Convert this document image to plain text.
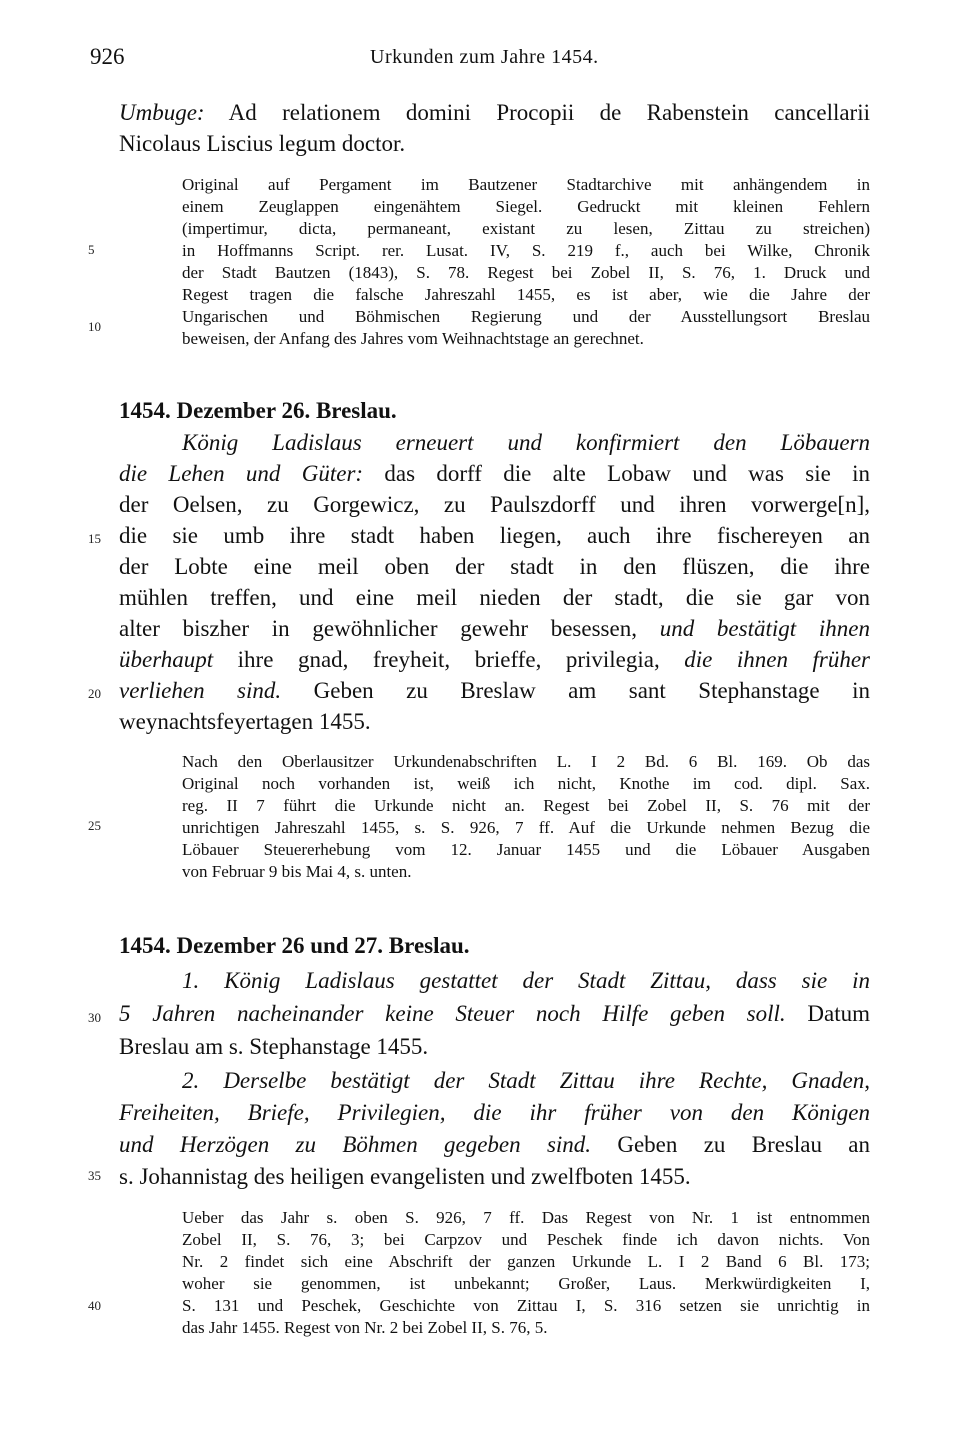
926	Urkunden zum Jahre 1454.
5
10
15
20
25
30
35
40
Umbuge: Ad relationem domini Procopii de Rabenstein cancellarii
Nicolaus Liscius legum doctor.
Original auf Pergament im Bautzener Stadtarchive mit anhängendem in
einem Zeuglappen eingenähtem Siegel. Gedruckt mit kleinen Fehlern
(impertimur, dicta, permaneant, existant zu lesen, Zittau zu streichen)
in Hoffmanns Script. rer. Lusat. IV, S. 219 f., auch bei Wilke, Chronik
der Stadt Bautzen (1843), S. 78. Regest bei Zobel II, S. 76, 1. Druck und
Regest tragen die falsche Jahreszahl 1455, es ist aber, wie die Jahre der
Ungarischen und Böhmischen Regierung und der Ausstellungsort Breslau
beweisen, der Anfang des Jahres vom Weihnachtstage an gerechnet.
1454. Dezember 26. Breslau.
König Ladislaus erneuert und konfirmiert den Löbauern
die Lehen und Güter: das dorff die alte Lobaw und was sie in
der Oelsen, zu Gorgewicz, zu Paulszdorff und ihren vorwerge[n],
die sie umb ihre stadt haben liegen, auch ihre fischereyen an
der Lobte eine meil oben der stadt in den flüszen, die ihre
mühlen treffen, und eine meil nieden der stadt, die sie gar von
alter biszher in gewöhnlicher gewehr besessen, und bestätigt ihnen
überhaupt ihre gnad, freyheit, brieffe, privilegia, die ihnen früher
verliehen sind. Geben zu Breslaw am sant Stephanstage in
weynachtsfeyertagen 1455.
Nach den Oberlausitzer Urkundenabschriften L. I 2 Bd. 6 Bl. 169. Ob das
Original noch vorhanden ist, weiß ich nicht, Knothe im cod. dipl. Sax.
reg. II 7 führt die Urkunde nicht an. Regest bei Zobel II, S. 76 mit der
unrichtigen Jahreszahl 1455, s. S. 926, 7 ff. Auf die Urkunde nehmen Bezug die
Löbauer Steuererhebung vom 12. Januar 1455 und die Löbauer Ausgaben
von Februar 9 bis Mai 4, s. unten.
1454. Dezember 26 und 27. Breslau.
1. König Ladislaus gestattet der Stadt Zittau, dass sie in
5 Jahren nacheinander keine Steuer noch Hilfe geben soll. Datum
Breslau am s. Stephanstage 1455.
2. Derselbe bestätigt der Stadt Zittau ihre Rechte, Gnaden,
Freiheiten, Briefe, Privilegien, die ihr früher von den Königen
und Herzögen zu Böhmen gegeben sind. Geben zu Breslau an
s. Johannistag des heiligen evangelisten und zwelfboten 1455.
Ueber das Jahr s. oben S. 926, 7 ff. Das Regest von Nr. 1 ist entnommen
Zobel II, S. 76, 3; bei Carpzov und Peschek finde ich davon nichts. Von
Nr. 2 findet sich eine Abschrift der ganzen Urkunde L. I 2 Band 6 Bl. 173;
woher sie genommen, ist unbekannt; Großer, Laus. Merkwürdigkeiten I,
S. 131 und Peschek, Geschichte von Zittau I, S. 316 setzen sie unrichtig in
das Jahr 1455. Regest von Nr. 2 bei Zobel II, S. 76, 5.
